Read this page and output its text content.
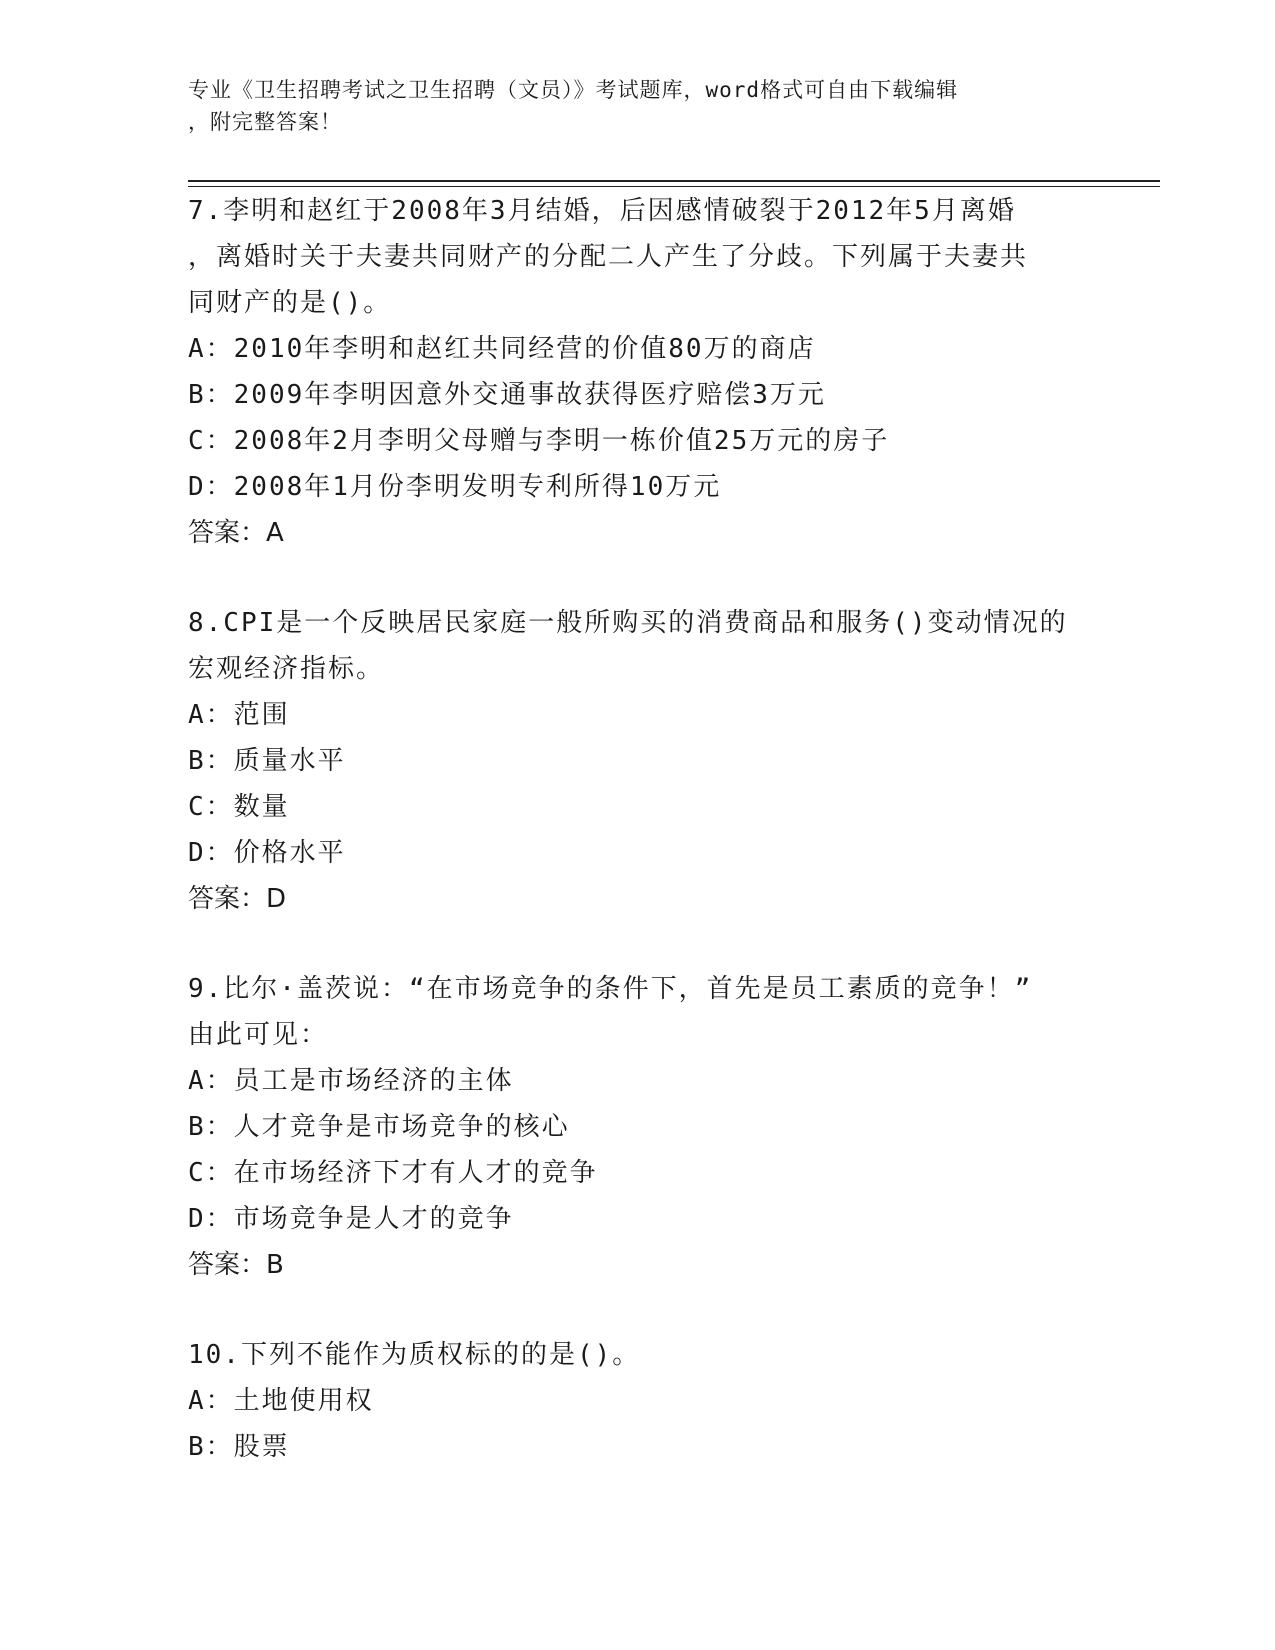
专业《卫生招聘考试之卫生招聘（文员）》考试题库，word格式可自由下载编辑
，附完整答案！

7.李明和赵红于2008年3月结婚，后因感情破裂于2012年5月离婚

，离婚时关于夫妻共同财产的分配二人产生了分歧。下列属于夫妻共

同财产的是()。

A：2010年李明和赵红共同经营的价值80万的商店

B：2009年李明因意外交通事故获得医疗赔偿3万元

C：2008年2月李明父母赠与李明一栋价值25万元的房子

D：2008年1月份李明发明专利所得10万元

答案：A

8.CPI是一个反映居民家庭一般所购买的消费商品和服务()变动情况的

宏观经济指标。

A：范围

B：质量水平

C：数量

D：价格水平

答案：D

9.比尔·盖茨说：“在市场竞争的条件下，首先是员工素质的竞争！”

由此可见：

A：员工是市场经济的主体

B：人才竞争是市场竞争的核心

C：在市场经济下才有人才的竞争

D：市场竞争是人才的竞争

答案：B

10.下列不能作为质权标的的是()。

A：土地使用权

B：股票
